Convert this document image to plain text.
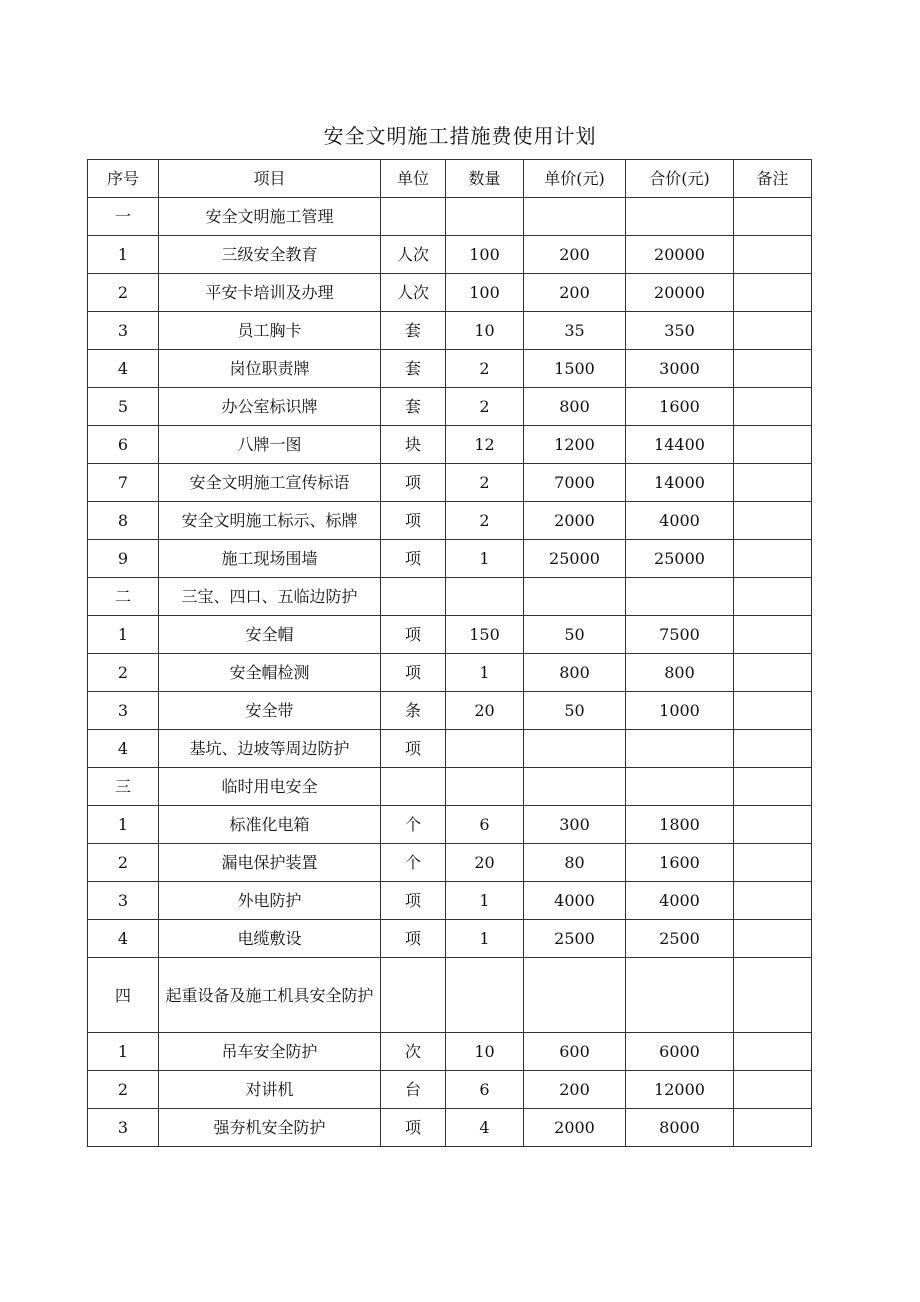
安全文明施工措施费使用计划
序号	项目	单位	数量	单价(元)	合价(元)	备注
一	安全文明施工管理					
1	三级安全教育	人次	100	200	20000	
2	平安卡培训及办理	人次	100	200	20000	
3	员工胸卡	套	10	35	350	
4	岗位职责牌	套	2	1500	3000	
5	办公室标识牌	套	2	800	1600	
6	八牌一图	块	12	1200	14400	
7	安全文明施工宣传标语	项	2	7000	14000	
8	安全文明施工标示、标牌	项	2	2000	4000	
9	施工现场围墙	项	1	25000	25000	
二	三宝、四口、五临边防护					
1	安全帽	项	150	50	7500	
2	安全帽检测	项	1	800	800	
3	安全带	条	20	50	1000	
4	基坑、边坡等周边防护	项				
三	临时用电安全					
1	标准化电箱	个	6	300	1800	
2	漏电保护装置	个	20	80	1600	
3	外电防护	项	1	4000	4000	
4	电缆敷设	项	1	2500	2500	
四	起重设备及施工机具安全防护					
1	吊车安全防护	次	10	600	6000	
2	对讲机	台	6	200	12000	
3	强夯机安全防护	项	4	2000	8000	
